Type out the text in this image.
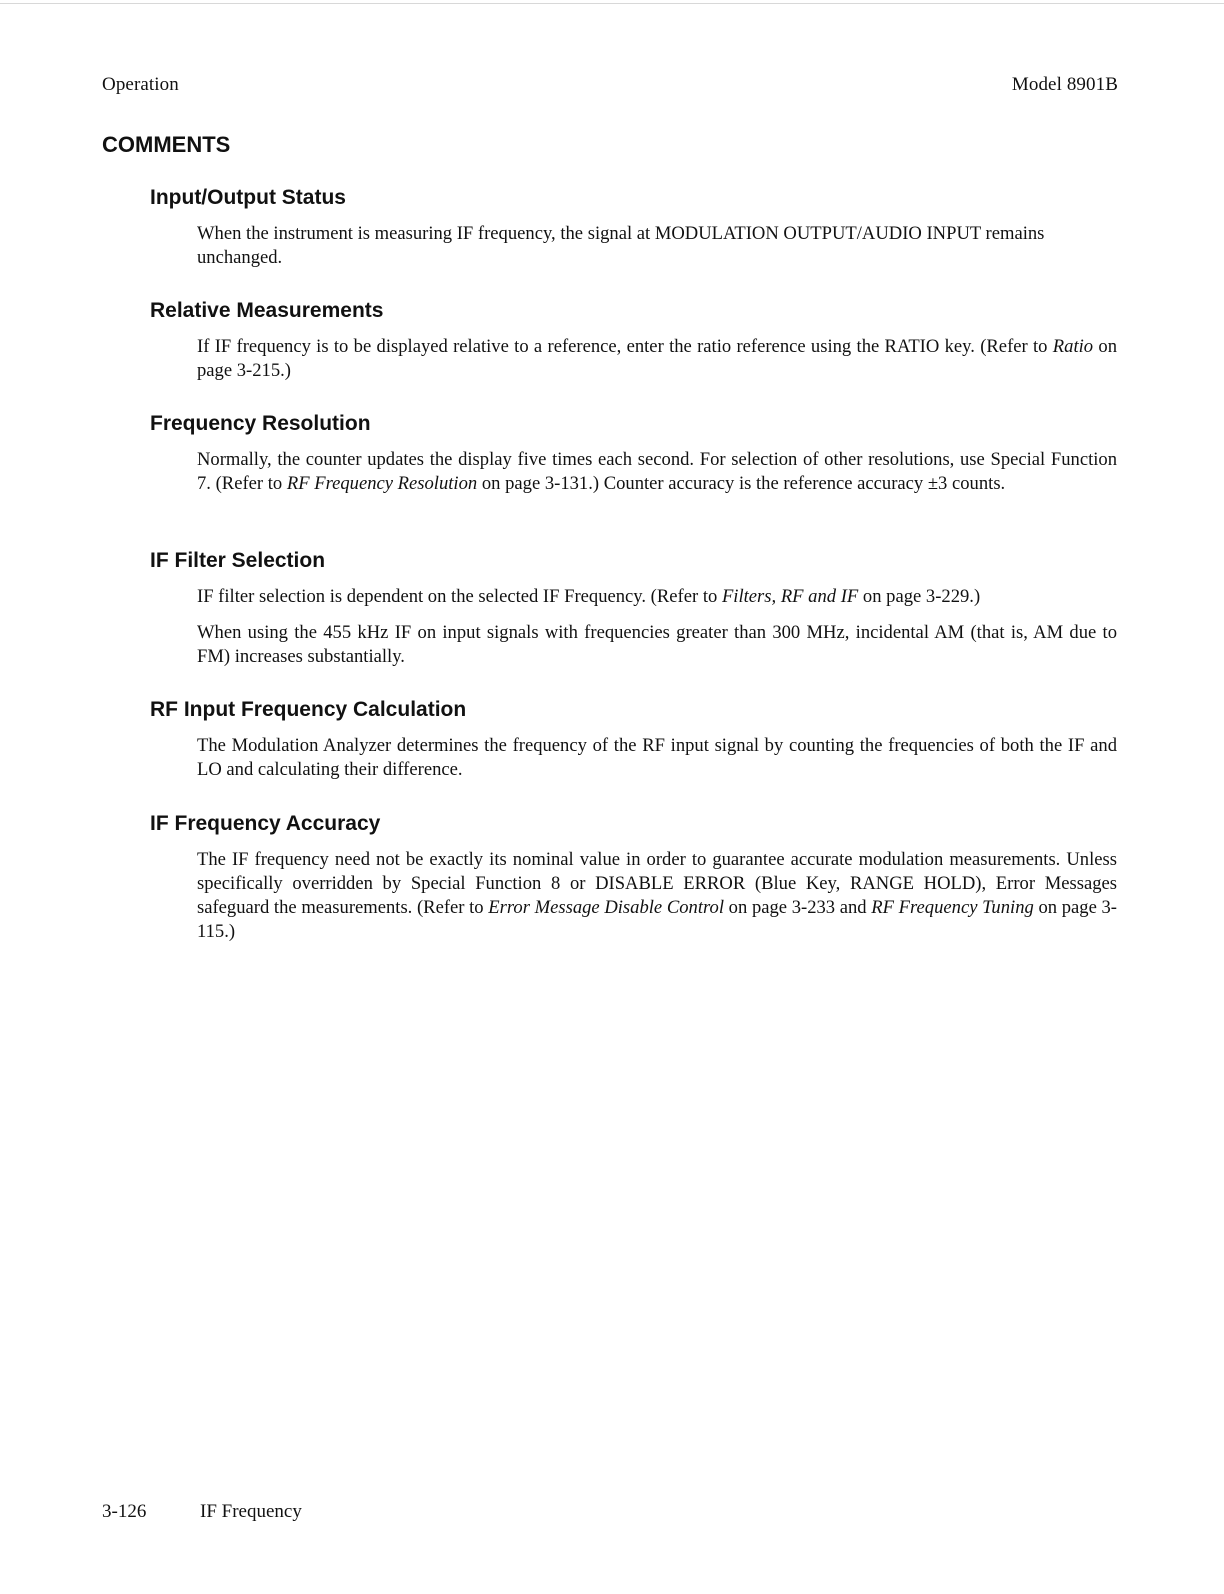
Operation	Model 8901B
COMMENTS
Input/Output Status

When the instrument is measuring IF frequency, the signal at MODULATION OUTPUT/AUDIO INPUT remains unchanged.

Relative Measurements

If IF frequency is to be displayed relative to a reference, enter the ratio reference using the RATIO key. (Refer to Ratio on page 3-215.)

Frequency Resolution

Normally, the counter updates the display five times each second. For selection of other resolutions, use Special Function 7. (Refer to RF Frequency Resolution on page 3-131.) Counter accuracy is the reference accuracy ±3 counts.

IF Filter Selection

IF filter selection is dependent on the selected IF Frequency. (Refer to Filters, RF and IF on page 3-229.)

When using the 455 kHz IF on input signals with frequencies greater than 300 MHz, incidental AM (that is, AM due to FM) increases substantially.

RF Input Frequency Calculation

The Modulation Analyzer determines the frequency of the RF input signal by counting the frequencies of both the IF and LO and calculating their difference.

IF Frequency Accuracy

The IF frequency need not be exactly its nominal value in order to guarantee accurate modulation measurements. Unless specifically overridden by Special Function 8 or DISABLE ERROR (Blue Key, RANGE HOLD), Error Messages safeguard the measurements. (Refer to Error Message Disable Control on page 3-233 and RF Frequency Tuning on page 3-115.)

3-126	IF Frequency
